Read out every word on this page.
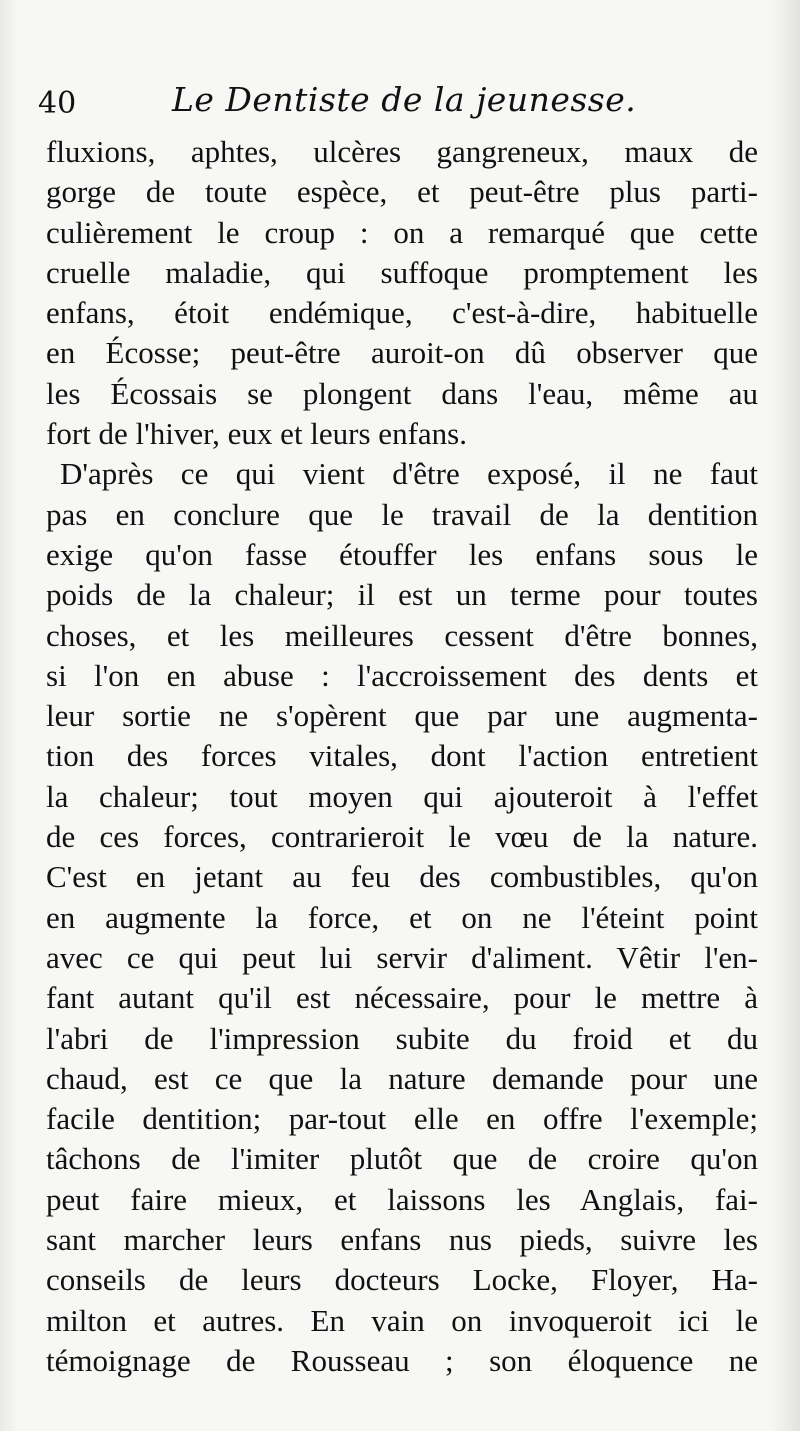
40	Le Dentiste de la jeunesse.
fluxions, aphtes, ulcères gangreneux, maux de
gorge de toute espèce, et peut-être plus parti-
culièrement le croup : on a remarqué que cette
cruelle maladie, qui suffoque promptement les
enfans, étoit endémique, c'est-à-dire, habituelle
en Écosse; peut-être auroit-on dû observer que
les Écossais se plongent dans l'eau, même au
fort de l'hiver, eux et leurs enfans.
D'après ce qui vient d'être exposé, il ne faut
pas en conclure que le travail de la dentition
exige qu'on fasse étouffer les enfans sous le
poids de la chaleur; il est un terme pour toutes
choses, et les meilleures cessent d'être bonnes,
si l'on en abuse : l'accroissement des dents et
leur sortie ne s'opèrent que par une augmenta-
tion des forces vitales, dont l'action entretient
la chaleur; tout moyen qui ajouteroit à l'effet
de ces forces, contrarieroit le vœu de la nature.
C'est en jetant au feu des combustibles, qu'on
en augmente la force, et on ne l'éteint point
avec ce qui peut lui servir d'aliment. Vêtir l'en-
fant autant qu'il est nécessaire, pour le mettre à
l'abri de l'impression subite du froid et du
chaud, est ce que la nature demande pour une
facile dentition; par-tout elle en offre l'exemple;
tâchons de l'imiter plutôt que de croire qu'on
peut faire mieux, et laissons les Anglais, fai-
sant marcher leurs enfans nus pieds, suivre les
conseils de leurs docteurs Locke, Floyer, Ha-
milton et autres. En vain on invoqueroit ici le
témoignage de Rousseau ; son éloquence ne
